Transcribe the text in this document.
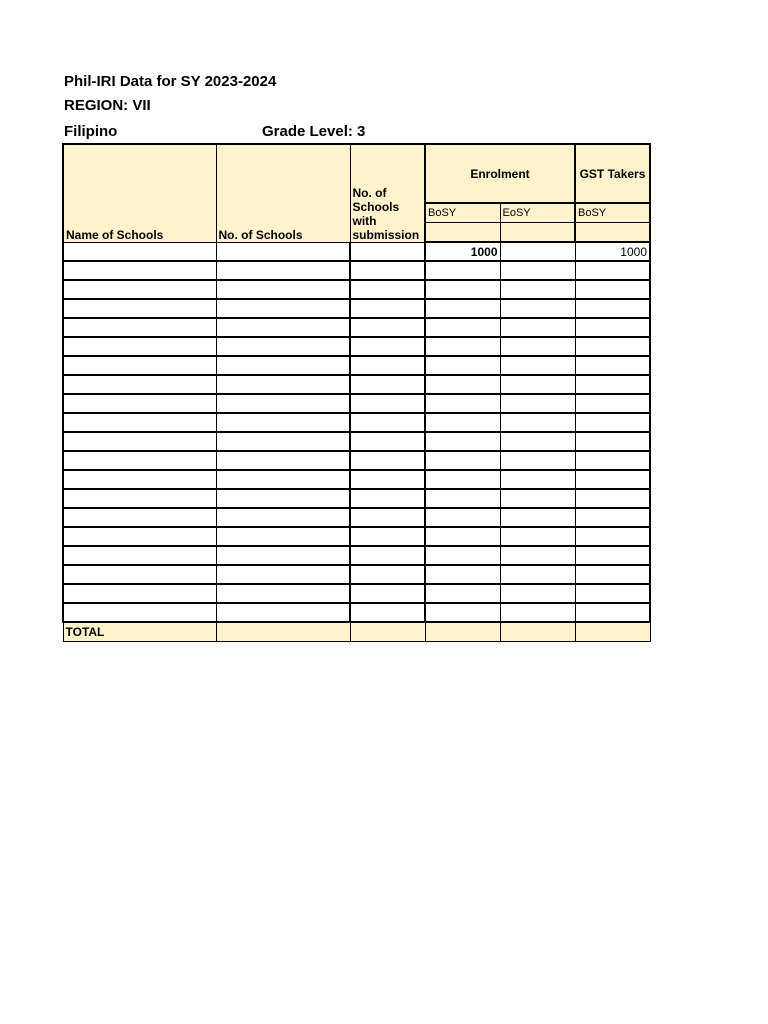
Phil-IRI Data for SY 2023-2024
REGION: VII
Filipino	Grade Level: 3
Name of Schools	No. of Schools	No. of Schools with submission	Enrolment		GST Takers
			BoSY	EoSY	BoSY

			1000		1000

TOTAL					
